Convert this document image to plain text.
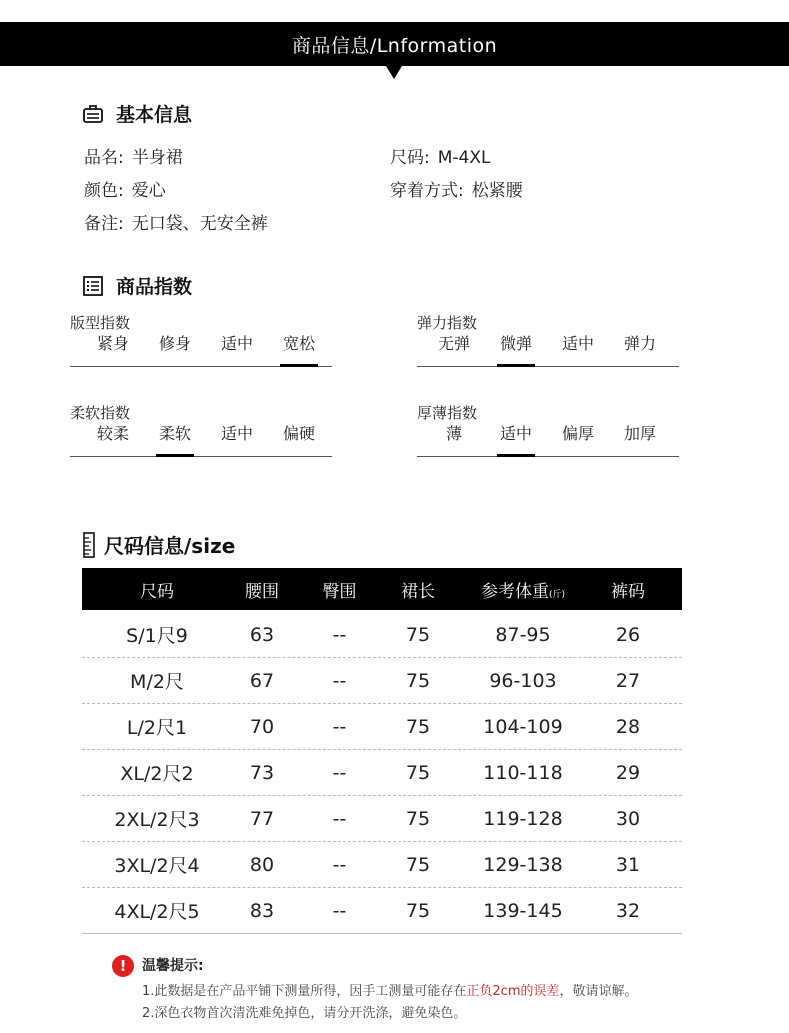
商品信息/Lnformation
基本信息
品名: 半身裙	尺码: M-4XL
颜色: 爱心	穿着方式: 松紧腰
备注: 无口袋、无安全裤
商品指数
版型指数
紧身	修身	适中	宽松
弹力指数
无弹	微弹	适中	弹力
柔软指数
较柔	柔软	适中	偏硬
厚薄指数
薄	适中	偏厚	加厚
尺码信息/size
尺码	腰围	臀围	裙长	参考体重(斤)	裤码
S/1尺9	63	--	75	87-95	26
M/2尺	67	--	75	96-103	27
L/2尺1	70	--	75	104-109	28
XL/2尺2	73	--	75	110-118	29
2XL/2尺3	77	--	75	119-128	30
3XL/2尺4	80	--	75	129-138	31
4XL/2尺5	83	--	75	139-145	32
!	温馨提示:
1.此数据是在产品平铺下测量所得，因手工测量可能存在正负2cm的误差，敬请谅解。
2.深色衣物首次清洗难免掉色，请分开洗涤，避免染色。
